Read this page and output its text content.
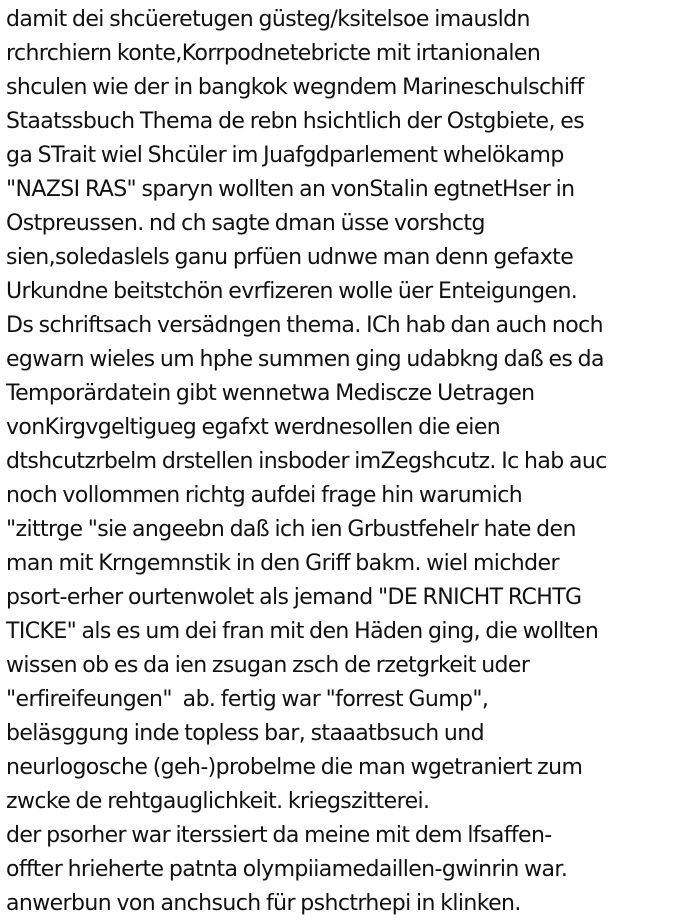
damit dei shcüeretugen güsteg/ksitelsoe imausldn
rchrchiern konte,Korrpodnetebricte mit irtanionalen
shculen wie der in bangkok wegndem Marineschulschiff
Staatssbuch Thema de rebn hsichtlich der Ostgbiete, es
ga STrait wiel Shcüler im Juafgdparlement whelökamp
"NAZSI RAS" sparyn wollten an vonStalin egtnetHser in
Ostpreussen. nd ch sagte dman üsse vorshctg
sien,soledaslels ganu prfüen udnwe man denn gefaxte
Urkundne beitstchön evrfizeren wolle üer Enteigungen.
Ds schriftsach versädngen thema. ICh hab dan auch noch
egwarn wieles um hphe summen ging udabkng daß es da
Temporärdatein gibt wennetwa Mediscze Uetragen
vonKirgvgeltigueg egafxt werdnesollen die eien
dtshcutzrbelm drstellen insboder imZegshcutz. Ic hab auc
noch vollommen richtg aufdei frage hin warumich
"zittrge "sie angeebn daß ich ien Grbustfehelr hate den
man mit Krngemnstik in den Griff bakm. wiel michder
psort-erher ourtenwolet als jemand "DE RNICHT RCHTG
TICKE" als es um dei fran mit den Häden ging, die wollten
wissen ob es da ien zsugan zsch de rzetgrkeit uder
"erfireifeungen"  ab. fertig war "forrest Gump",
beläsggung inde topless bar, staaatbsuch und
neurlogosche (geh-)probelme die man wgetraniert zum
zwcke de rehtgauglichkeit. kriegszitterei.
der psorher war iterssiert da meine mit dem lfsaffen-
offter hrieherte patnta olympiiamedaillen-gwinrin war.
anwerbun von anchsuch für pshctrhepi in klinken.
